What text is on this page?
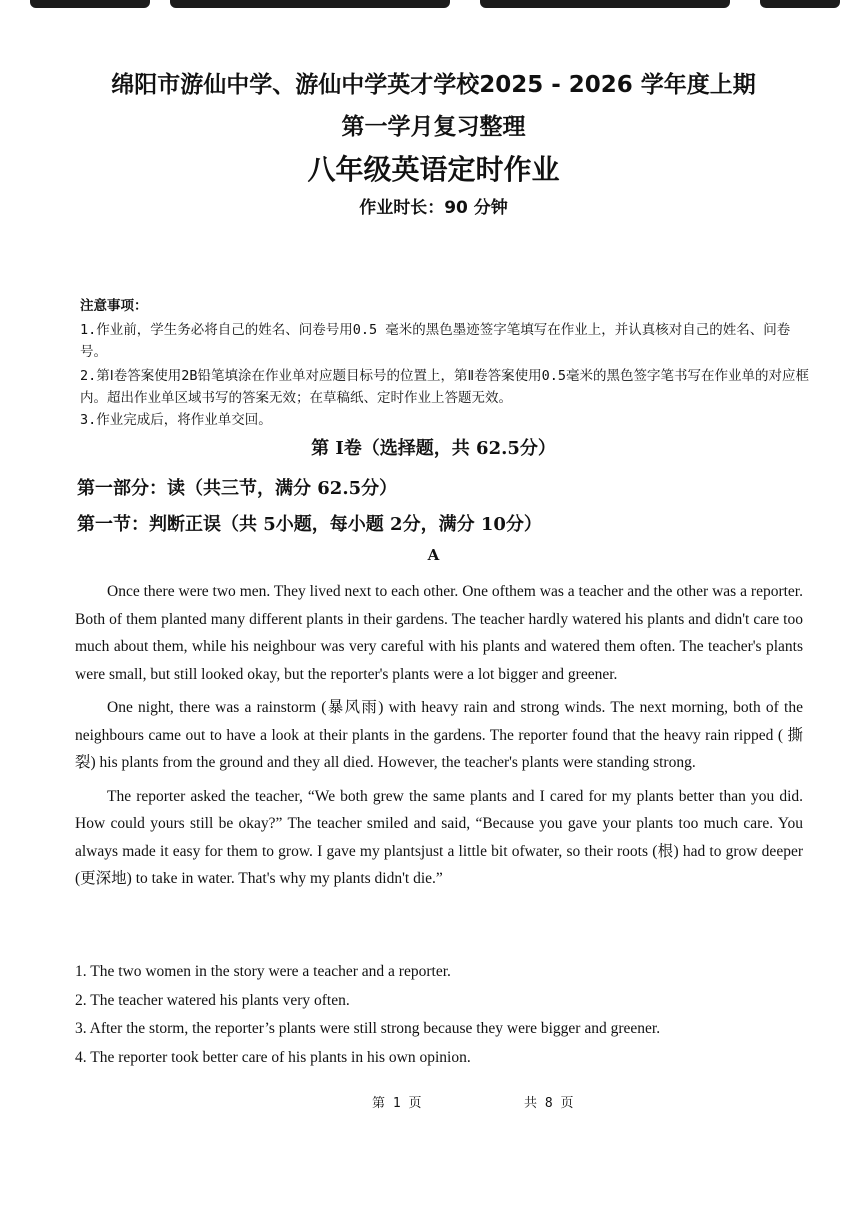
绵阳市游仙中学、游仙中学英才学校2025 - 2026 学年度上期
第一学月复习整理
八年级英语定时作业
作业时长：90 分钟

注意事项：

1.作业前，学生务必将自己的姓名、问卷号用0.5 毫米的黑色墨迹签字笔填写在作业上，并认真核对自己的姓名、问卷号。

2.第Ⅰ卷答案使用2B铅笔填涂在作业单对应题目标号的位置上，第Ⅱ卷答案使用0.5毫米的黑色签字笔书写在作业单的对应框内。超出作业单区域书写的答案无效；在草稿纸、定时作业上答题无效。

3.作业完成后，将作业单交回。

第 I卷（选择题，共 62.5分）
第一部分：读（共三节，满分 62.5分）
第一节：判断正误（共 5小题，每小题 2分，满分 10分）
A

Once there were two men. They lived next to each other. One ofthem was a teacher and the other was a reporter. Both of them planted many different plants in their gardens. The teacher hardly watered his plants and didn't care too much about them, while his neighbour was very careful with his plants and watered them often. The teacher's plants were small, but still looked okay, but the reporter's plants were a lot bigger and greener.

One night, there was a rainstorm (暴风雨) with heavy rain and strong winds. The next morning, both of the neighbours came out to have a look at their plants in the gardens. The reporter found that the heavy rain ripped ( 撕裂) his plants from the ground and they all died. However, the teacher's plants were standing strong.

The reporter asked the teacher, “We both grew the same plants and I cared for my plants better than you did. How could yours still be okay?” The teacher smiled and said, “Because you gave your plants too much care. You always made it easy for them to grow. I gave my plantsjust a little bit ofwater, so their roots (根) had to grow deeper (更深地) to take in water. That's why my plants didn't die.”

1. The two women in the story were a teacher and a reporter.
2. The teacher watered his plants very often.
3. After the storm, the reporter’s plants were still strong because they were bigger and greener.
4. The reporter took better care of his plants in his own opinion.
第 1 页	共 8 页
